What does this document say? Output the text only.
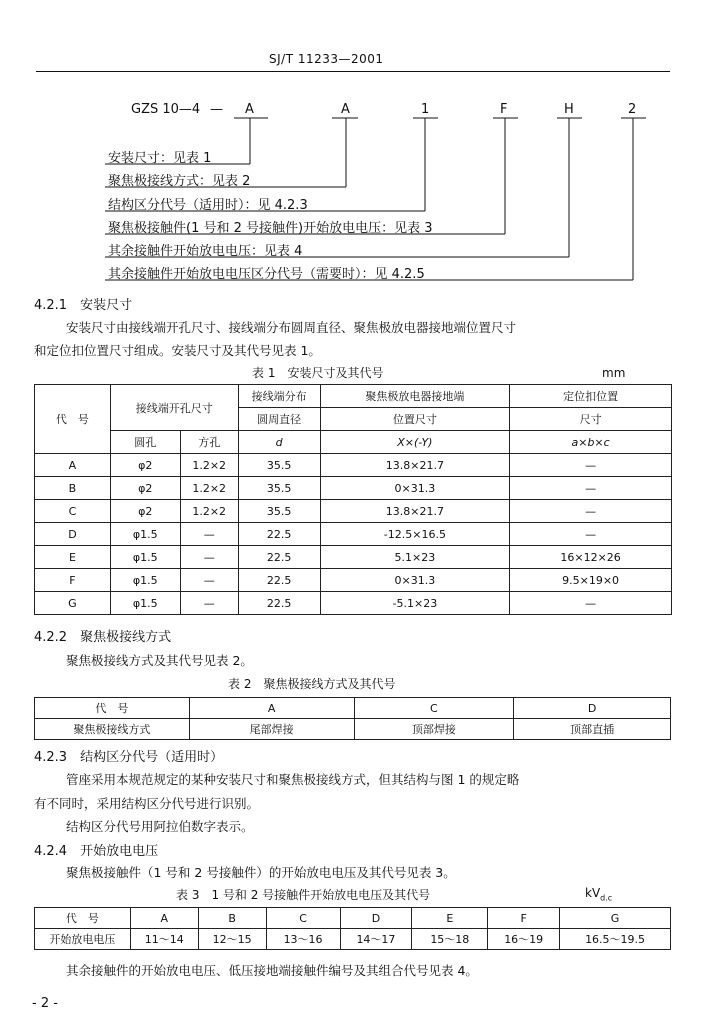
SJ/T 11233—2001
GZS 10—4 — A	A	1	F	H	2
安装尺寸：见表 1
聚焦极接线方式：见表 2
结构区分代号（适用时）：见 4.2.3
聚焦极接触件(1 号和 2 号接触件)开始放电电压：见表 3
其余接触件开始放电电压：见表 4
其余接触件开始放电电压区分代号（需要时）：见 4.2.5
4.2.1　安装尺寸
安装尺寸由接线端开孔尺寸、接线端分布圆周直径、聚焦极放电器接地端位置尺寸
和定位扣位置尺寸组成。安装尺寸及其代号见表 1。
表 1　安装尺寸及其代号	mm
代　号	接线端开孔尺寸		接线端分布	聚焦极放电器接地端	定位扣位置
			圆周直径	位置尺寸	尺寸
	圆孔	方孔	d	X×(-Y)	a×b×c
A	φ2	1.2×2	35.5	13.8×21.7	—
B	φ2	1.2×2	35.5	0×31.3	—
C	φ2	1.2×2	35.5	13.8×21.7	—
D	φ1.5	—	22.5	-12.5×16.5	—
E	φ1.5	—	22.5	5.1×23	16×12×26
F	φ1.5	—	22.5	0×31.3	9.5×19×0
G	φ1.5	—	22.5	-5.1×23	—
4.2.2　聚焦极接线方式
聚焦极接线方式及其代号见表 2。
表 2　聚焦极接线方式及其代号
代　号	A	C	D
聚焦极接线方式	尾部焊接	顶部焊接	顶部直插
4.2.3　结构区分代号（适用时）
管座采用本规范规定的某种安装尺寸和聚焦极接线方式，但其结构与图 1 的规定略
有不同时，采用结构区分代号进行识别。
结构区分代号用阿拉伯数字表示。
4.2.4　开始放电电压
聚焦极接触件（1 号和 2 号接触件）的开始放电电压及其代号见表 3。
表 3　1 号和 2 号接触件开始放电电压及其代号	$kV_{d.c}$
代　号	A	B	C	D	E	F	G
开始放电电压	11～14	12～15	13～16	14～17	15～18	16～19	16.5～19.5
其余接触件的开始放电电压、低压接地端接触件编号及其组合代号见表 4。
- 2 -
